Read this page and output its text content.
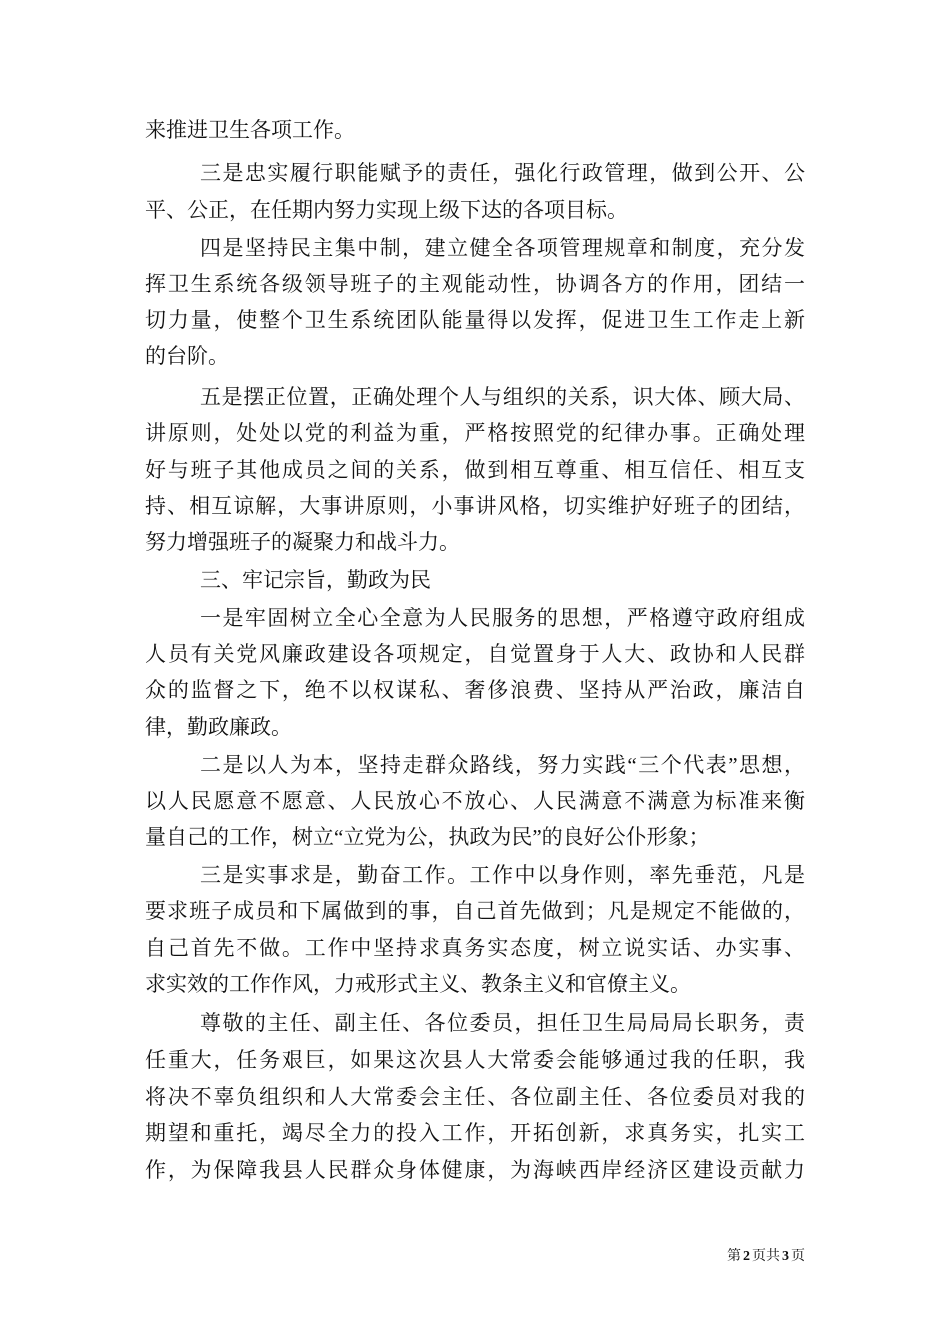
来推进卫生各项工作。
三是忠实履行职能赋予的责任，强化行政管理，做到公开、公
平、公正，在任期内努力实现上级下达的各项目标。
四是坚持民主集中制，建立健全各项管理规章和制度，充分发
挥卫生系统各级领导班子的主观能动性，协调各方的作用，团结一
切力量，使整个卫生系统团队能量得以发挥，促进卫生工作走上新
的台阶。
五是摆正位置，正确处理个人与组织的关系，识大体、顾大局、
讲原则，处处以党的利益为重，严格按照党的纪律办事。正确处理
好与班子其他成员之间的关系，做到相互尊重、相互信任、相互支
持、相互谅解，大事讲原则，小事讲风格，切实维护好班子的团结，
努力增强班子的凝聚力和战斗力。
三、牢记宗旨，勤政为民
一是牢固树立全心全意为人民服务的思想，严格遵守政府组成
人员有关党风廉政建设各项规定，自觉置身于人大、政协和人民群
众的监督之下，绝不以权谋私、奢侈浪费、坚持从严治政，廉洁自
律，勤政廉政。
二是以人为本，坚持走群众路线，努力实践“三个代表”思想，
以人民愿意不愿意、人民放心不放心、人民满意不满意为标准来衡
量自己的工作，树立“立党为公，执政为民”的良好公仆形象；
三是实事求是，勤奋工作。工作中以身作则，率先垂范，凡是
要求班子成员和下属做到的事，自己首先做到；凡是规定不能做的，
自己首先不做。工作中坚持求真务实态度，树立说实话、办实事、
求实效的工作作风，力戒形式主义、教条主义和官僚主义。
尊敬的主任、副主任、各位委员，担任卫生局局局长职务，责
任重大，任务艰巨，如果这次县人大常委会能够通过我的任职，我
将决不辜负组织和人大常委会主任、各位副主任、各位委员对我的
期望和重托，竭尽全力的投入工作，开拓创新，求真务实，扎实工
作，为保障我县人民群众身体健康，为海峡西岸经济区建设贡献力
第 2 页共 3 页
